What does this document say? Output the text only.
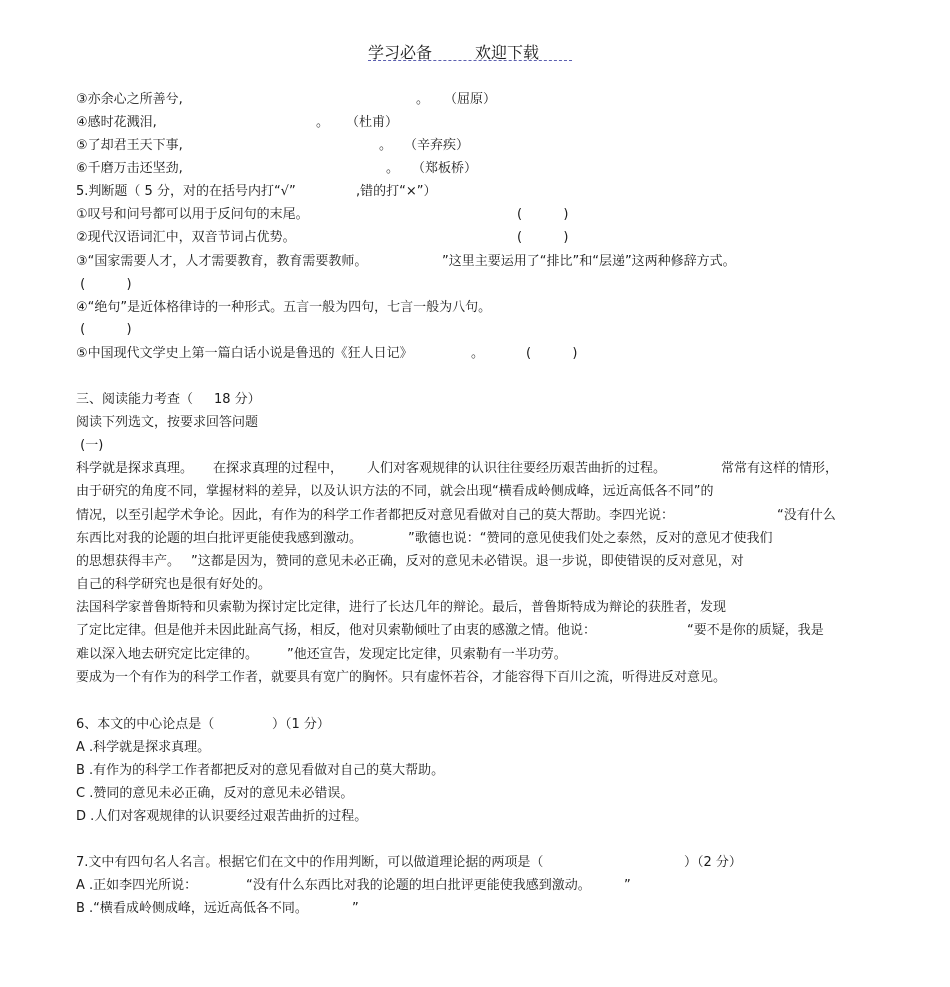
学习必备	欢迎下载
③亦余心之所善兮,	。 （屈原）
④感时花溅泪,	。 （杜甫）
⑤了却君王天下事,	。 （辛弃疾）
⑥千磨万击还坚劲,	。 （郑板桥）
5.判断题（ 5 分，对的在括号内打“√”	,错的打“×”）
①叹号和问号都可以用于反问句的末尾。	(          )
②现代汉语词汇中，双音节词占优势。	(          )
③“国家需要人才，人才需要教育，教育需要教师。	”这里主要运用了“排比”和“层递”这两种修辞方式。
(          )
④“绝句”是近体格律诗的一种形式。五言一般为四句，七言一般为八句。
(          )
⑤中国现代文学史上第一篇白话小说是鲁迅的《狂人日记》	。	(          )
三、阅读能力考查（ 18 分）
阅读下列选文，按要求回答问题
(一)
科学就是探求真理。 在探求真理的过程中， 人们对客观规律的认识往往要经历艰苦曲折的过程。	常常有这样的情形，
由于研究的角度不同，掌握材料的差异，以及认识方法的不同，就会出现“横看成岭侧成峰，远近高低各不同”的
情况，以至引起学术争论。因此，有作为的科学工作者都把反对意见看做对自己的莫大帮助。李四光说：	“没有什么
东西比对我的论题的坦白批评更能使我感到激动。	”歌德也说：“赞同的意见使我们处之泰然，反对的意见才使我们
的思想获得丰产。 ”这都是因为，赞同的意见未必正确，反对的意见未必错误。退一步说，即使错误的反对意见，对
自己的科学研究也是很有好处的。
法国科学家普鲁斯特和贝索勒为探讨定比定律，进行了长达几年的辩论。最后，普鲁斯特成为辩论的获胜者，发现
了定比定律。但是他并未因此趾高气扬，相反，他对贝索勒倾吐了由衷的感激之情。他说：	“要不是你的质疑，我是
难以深入地去研究定比定律的。 ”他还宣告，发现定比定律，贝索勒有一半功劳。
要成为一个有作为的科学工作者，就要具有宽广的胸怀。只有虚怀若谷，才能容得下百川之流，听得进反对意见。
6、本文的中心论点是（	）（1 分）
A .科学就是探求真理。
B .有作为的科学工作者都把反对的意见看做对自己的莫大帮助。
C .赞同的意见未必正确，反对的意见未必错误。
D .人们对客观规律的认识要经过艰苦曲折的过程。
7.文中有四句名人名言。根据它们在文中的作用判断，可以做道理论据的两项是（	）（2 分）
A .正如李四光所说：	“没有什么东西比对我的论题的坦白批评更能使我感到激动。	”
B .“横看成岭侧成峰，远近高低各不同。	”
